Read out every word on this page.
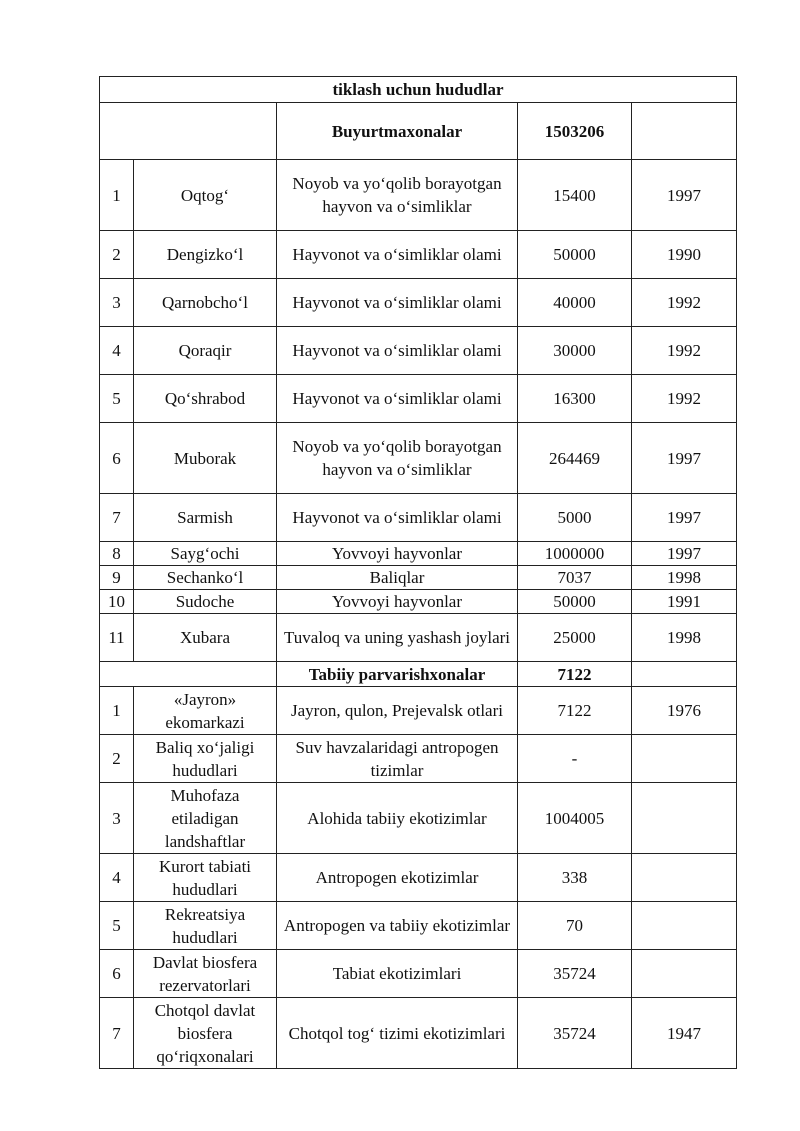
tiklash uchun hududlar				
		Buyurtmaxonalar	1503206	
1	Oqtog‘	Noyob va yo‘qolib borayotgan hayvon va o‘simliklar	15400	1997
2	Dengizko‘l	Hayvonot va o‘simliklar olami	50000	1990
3	Qarnobcho‘l	Hayvonot va o‘simliklar olami	40000	1992
4	Qoraqir	Hayvonot va o‘simliklar olami	30000	1992
5	Qo‘shrabod	Hayvonot va o‘simliklar olami	16300	1992
6	Muborak	Noyob va yo‘qolib borayotgan hayvon va o‘simliklar	264469	1997
7	Sarmish	Hayvonot va o‘simliklar olami	5000	1997
8	Sayg‘ochi	Yovvoyi hayvonlar	1000000	1997
9	Sechanko‘l	Baliqlar	7037	1998
10	Sudoche	Yovvoyi hayvonlar	50000	1991
11	Xubara	Tuvaloq va uning yashash joylari	25000	1998
		Tabiiy parvarishxonalar	7122	
1	«Jayron» ekomarkazi	Jayron, qulon, Prejevalsk otlari	7122	1976
2	Baliq xo‘jaligi hududlari	Suv havzalaridagi antropogen tizimlar	-	
3	Muhofaza etiladigan landshaftlar	Alohida tabiiy ekotizimlar	1004005	
4	Kurort tabiati hududlari	Antropogen ekotizimlar	338	
5	Rekreatsiya hududlari	Antropogen va tabiiy ekotizimlar	70	
6	Davlat biosfera rezervatorlari	Tabiat ekotizimlari	35724	
7	Chotqol davlat biosfera qo‘riqxonalari	Chotqol tog‘ tizimi ekotizimlari	35724	1947
